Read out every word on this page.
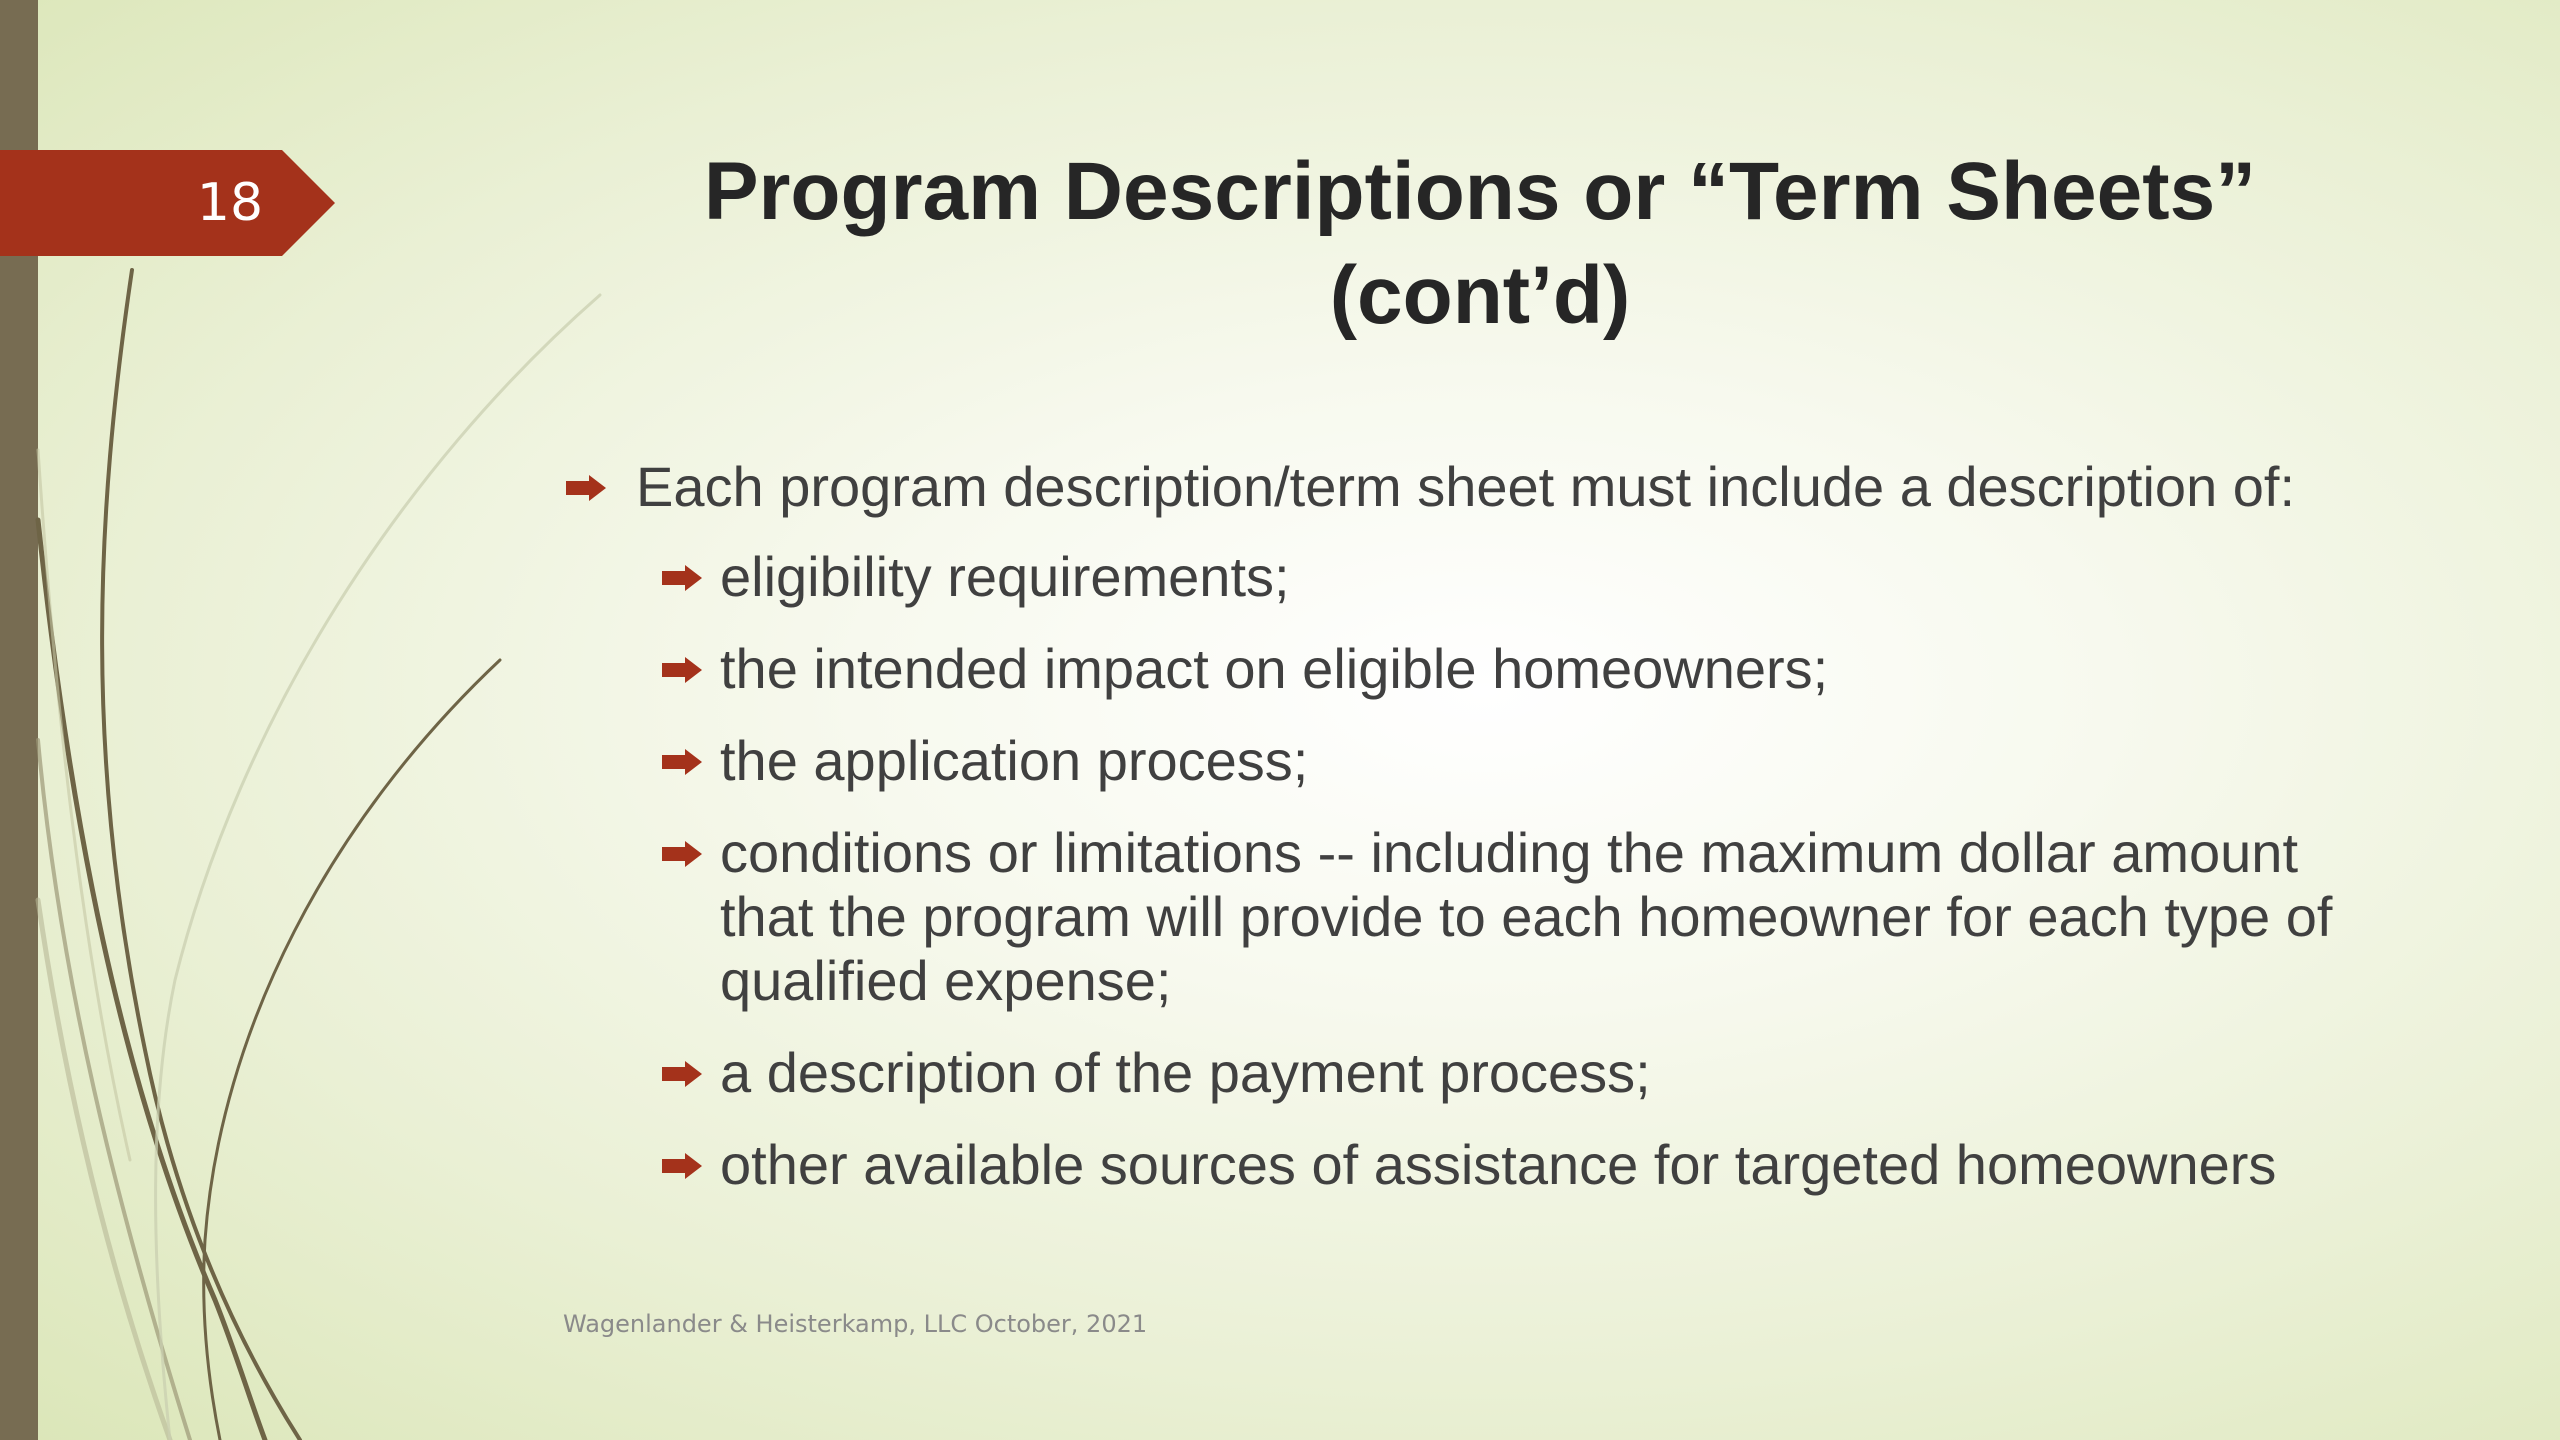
18	Program Descriptions or “Term Sheets”
(cont’d)
Each program description/term sheet must include a description of:
eligibility requirements;
the intended impact on eligible homeowners;
the application process;
conditions or limitations -- including the maximum dollar amount that the program will provide to each homeowner for each type of qualified expense;
a description of the payment process;
other available sources of assistance for targeted homeowners
Wagenlander & Heisterkamp, LLC October, 2021
